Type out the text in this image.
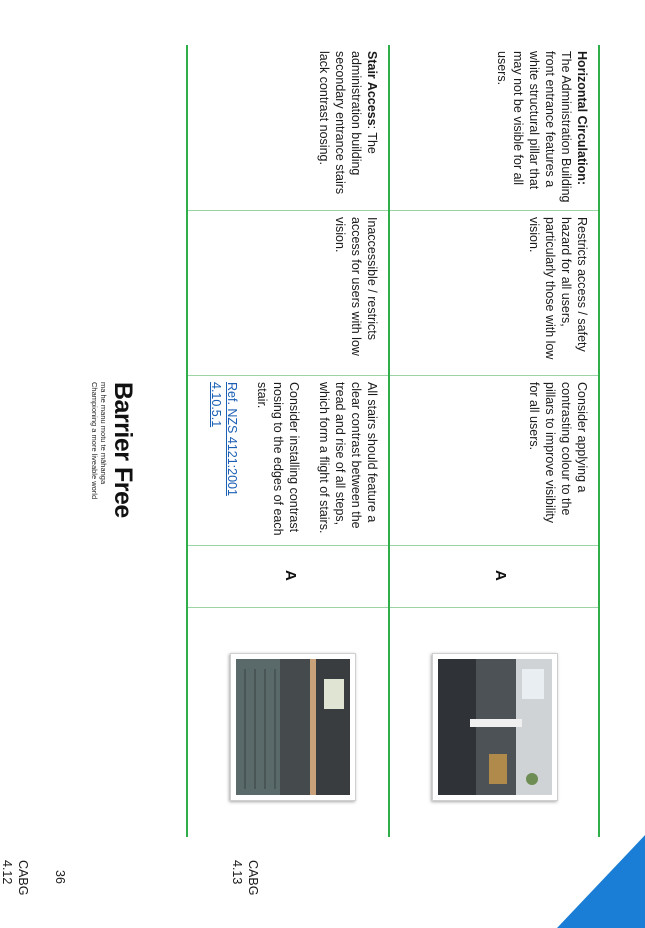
Horizontal Circulation: The Administration Building front entrance features a white structural pillar that may not be visible for all users.
Restricts access / safety hazard for all users, particularly those with low vision.
Consider applying a contrasting colour to the pillars to improve visibility for all users.
A
Stair Access: The administration building secondary entrance stairs lack contrast nosing.
Inaccessible / restricts access for users with low vision.
All stairs should feature a clear contrast between the tread and rise of all steps, which form a flight of stairs.
Consider installing contrast nosing to the edges of each stair.
Ref. NZS 4121:2001 4.10.5.1
A
36
Barrier Free
ma he manu motu te māhanga
Championing a more liveable world
CABG 4.12	CABG 4.13
